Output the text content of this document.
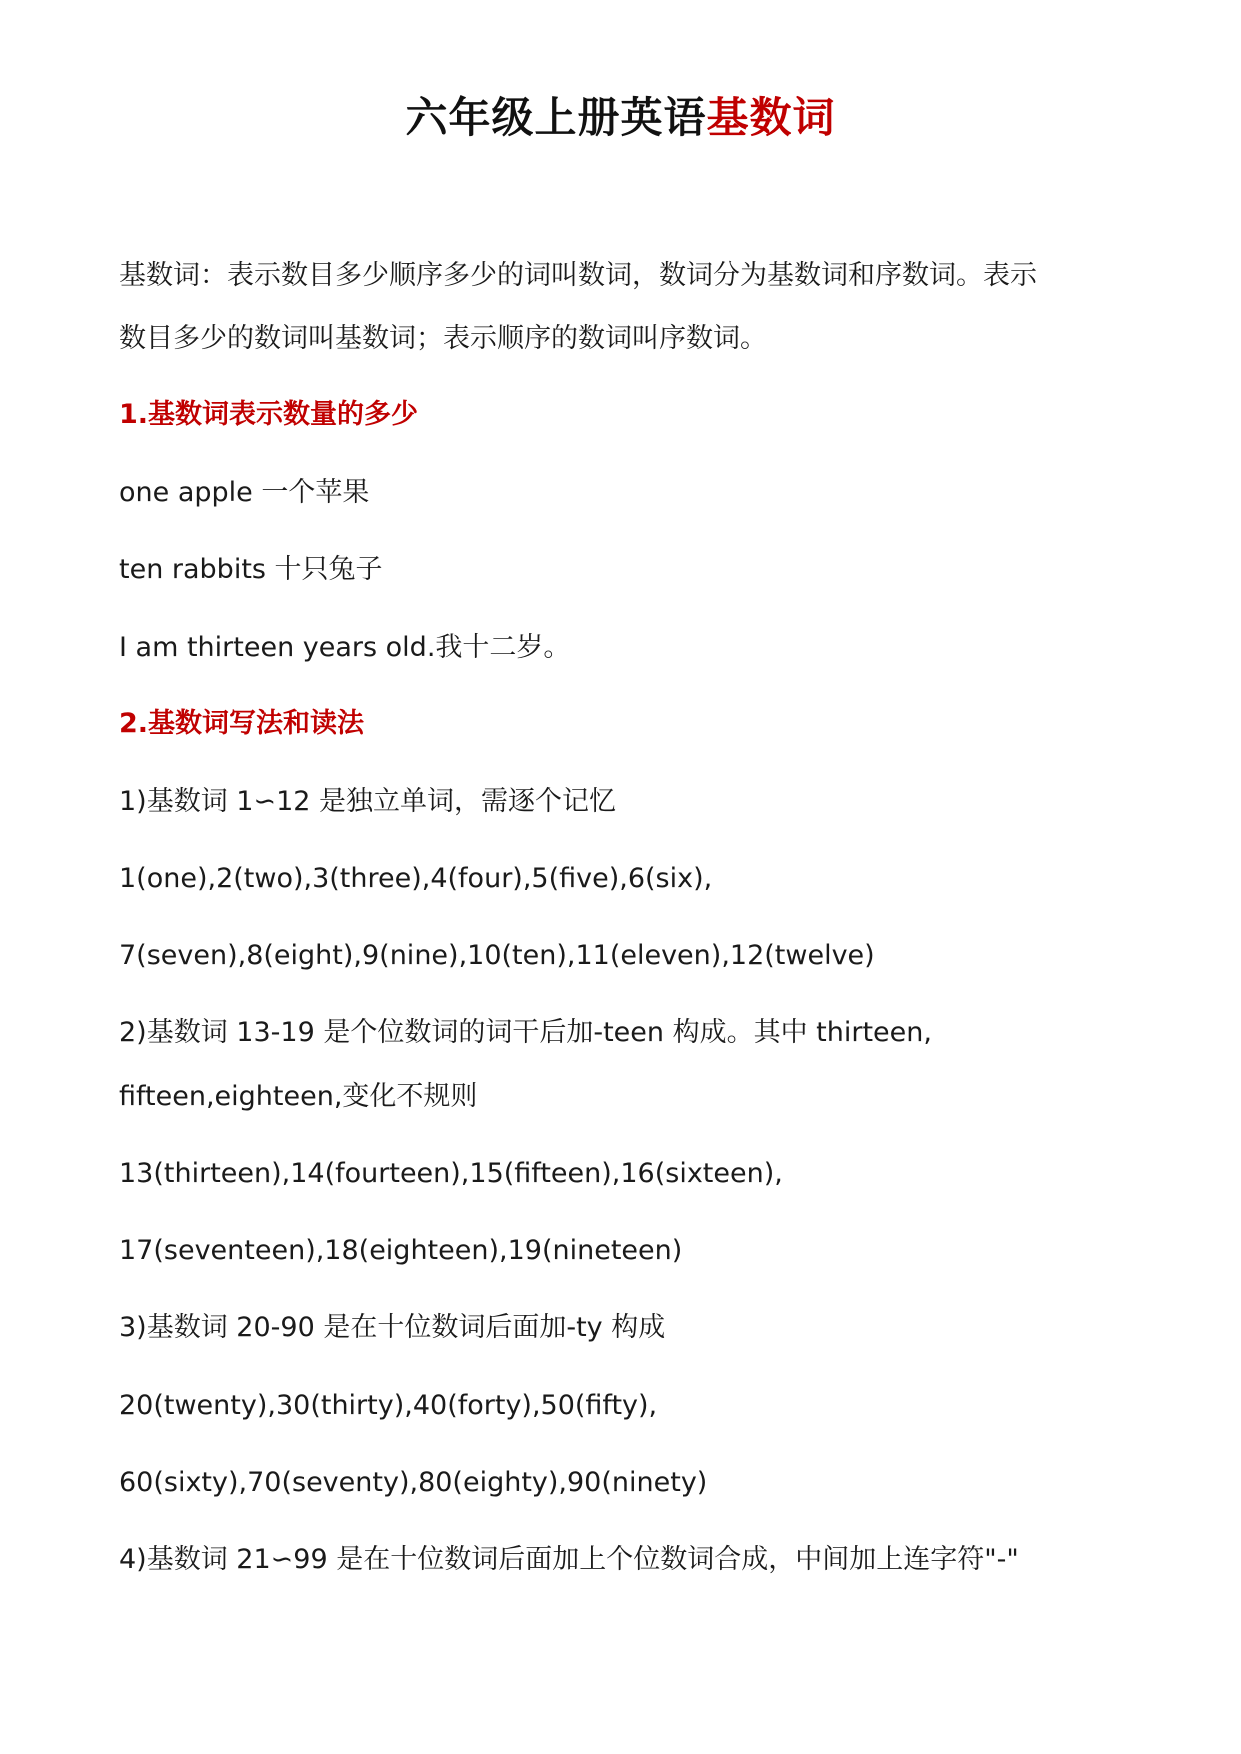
六年级上册英语基数词
基数词：表示数目多少顺序多少的词叫数词，数词分为基数词和序数词。表示
数目多少的数词叫基数词；表示顺序的数词叫序数词。
1.基数词表示数量的多少
one apple 一个苹果
ten rabbits 十只兔子
I am thirteen years old.我十二岁。
2.基数词写法和读法
1)基数词 1∽12 是独立单词，需逐个记忆
1(one),2(two),3(three),4(four),5(five),6(six),
7(seven),8(eight),9(nine),10(ten),11(eleven),12(twelve)
2)基数词 13-19 是个位数词的词干后加-teen 构成。其中 thirteen,
fifteen,eighteen,变化不规则
13(thirteen),14(fourteen),15(fifteen),16(sixteen),
17(seventeen),18(eighteen),19(nineteen)
3)基数词 20-90 是在十位数词后面加-ty 构成
20(twenty),30(thirty),40(forty),50(fifty),
60(sixty),70(seventy),80(eighty),90(ninety)
4)基数词 21∽99 是在十位数词后面加上个位数词合成，中间加上连字符"-"
